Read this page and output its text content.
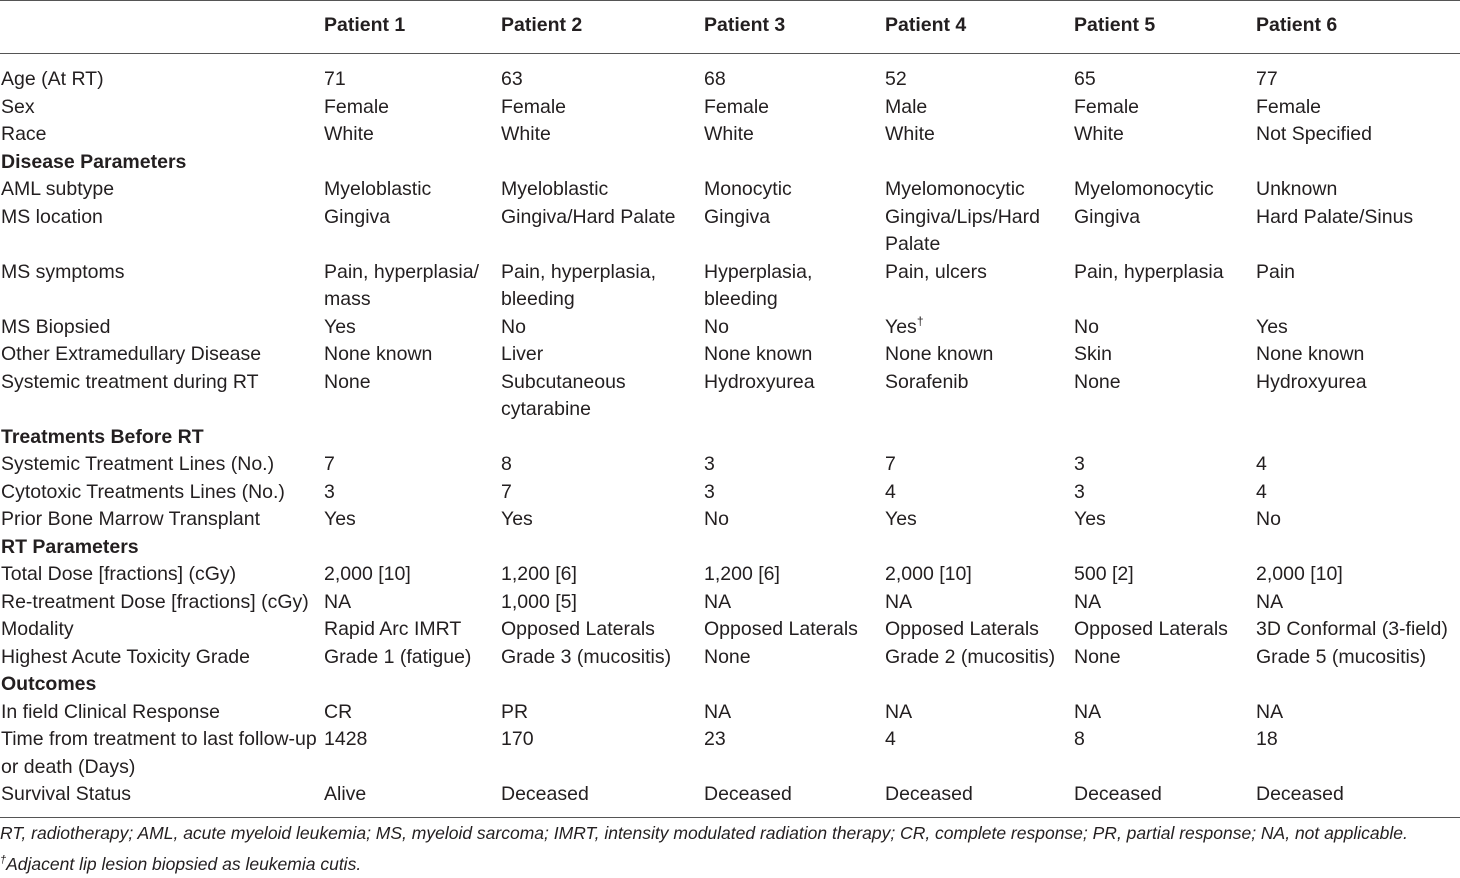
	Patient 1	Patient 2	Patient 3	Patient 4	Patient 5	Patient 6
Age (At RT)	71	63	68	52	65	77
Sex	Female	Female	Female	Male	Female	Female
Race	White	White	White	White	White	Not Specified
Disease Parameters						
AML subtype	Myeloblastic	Myeloblastic	Monocytic	Myelomonocytic	Myelomonocytic	Unknown
MS location	Gingiva	Gingiva/Hard Palate	Gingiva	Gingiva/Lips/Hard Palate	Gingiva	Hard Palate/Sinus
MS symptoms	Pain, hyperplasia/ mass	Pain, hyperplasia, bleeding	Hyperplasia, bleeding	Pain, ulcers	Pain, hyperplasia	Pain
MS Biopsied	Yes	No	No	Yes†	No	Yes
Other Extramedullary Disease	None known	Liver	None known	None known	Skin	None known
Systemic treatment during RT	None	Subcutaneous cytarabine	Hydroxyurea	Sorafenib	None	Hydroxyurea
Treatments Before RT						
Systemic Treatment Lines (No.)	7	8	3	7	3	4
Cytotoxic Treatments Lines (No.)	3	7	3	4	3	4
Prior Bone Marrow Transplant	Yes	Yes	No	Yes	Yes	No
RT Parameters						
Total Dose [fractions] (cGy)	2,000 [10]	1,200 [6]	1,200 [6]	2,000 [10]	500 [2]	2,000 [10]
Re-treatment Dose [fractions] (cGy)	NA	1,000 [5]	NA	NA	NA	NA
Modality	Rapid Arc IMRT	Opposed Laterals	Opposed Laterals	Opposed Laterals	Opposed Laterals	3D Conformal (3-field)
Highest Acute Toxicity Grade	Grade 1 (fatigue)	Grade 3 (mucositis)	None	Grade 2 (mucositis)	None	Grade 5 (mucositis)
Outcomes						
In field Clinical Response	CR	PR	NA	NA	NA	NA
Time from treatment to last follow-up or death (Days)	1428	170	23	4	8	18
Survival Status	Alive	Deceased	Deceased	Deceased	Deceased	Deceased
RT, radiotherapy; AML, acute myeloid leukemia; MS, myeloid sarcoma; IMRT, intensity modulated radiation therapy; CR, complete response; PR, partial response; NA, not applicable.
†Adjacent lip lesion biopsied as leukemia cutis.
